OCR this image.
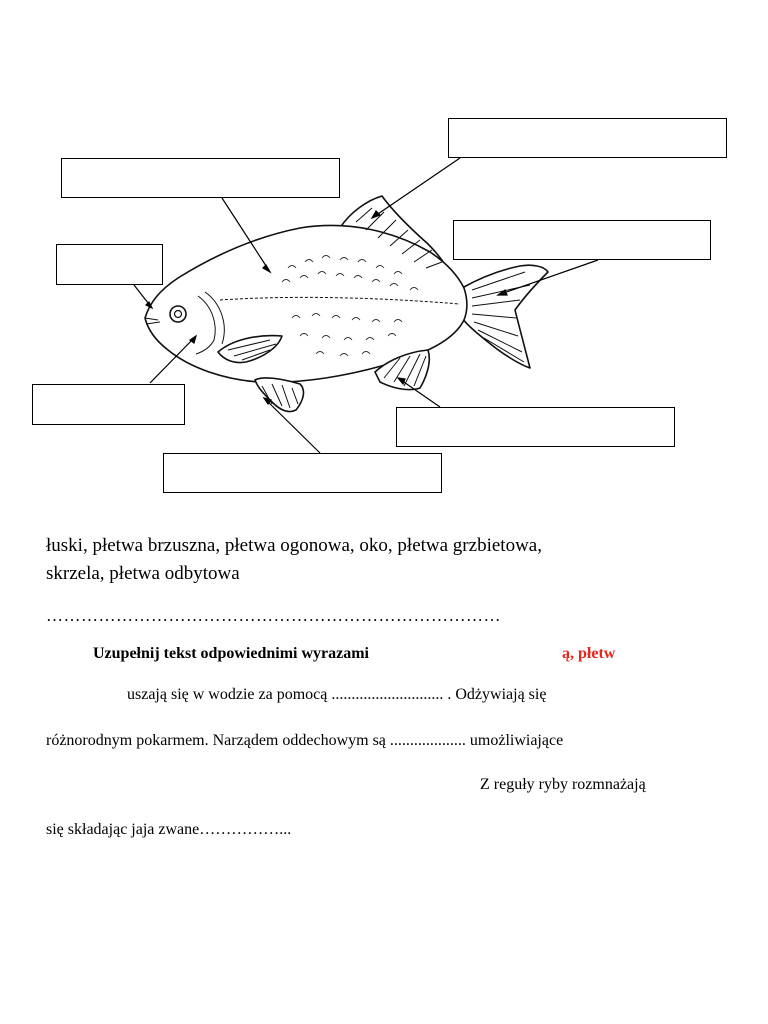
łuski, płetwa brzuszna, płetwa ogonowa, oko, płetwa grzbietowa,
skrzela, płetwa odbytowa
……………………………………………………………………
Uzupełnij tekst odpowiednimi wyrazami	ą, płetw
uszają się w wodzie za pomocą ............................ . Odżywiają się
różnorodnym pokarmem. Narządem oddechowym są ................... umożliwiające
Z reguły ryby rozmnażają
się składając jaja zwane……………...
